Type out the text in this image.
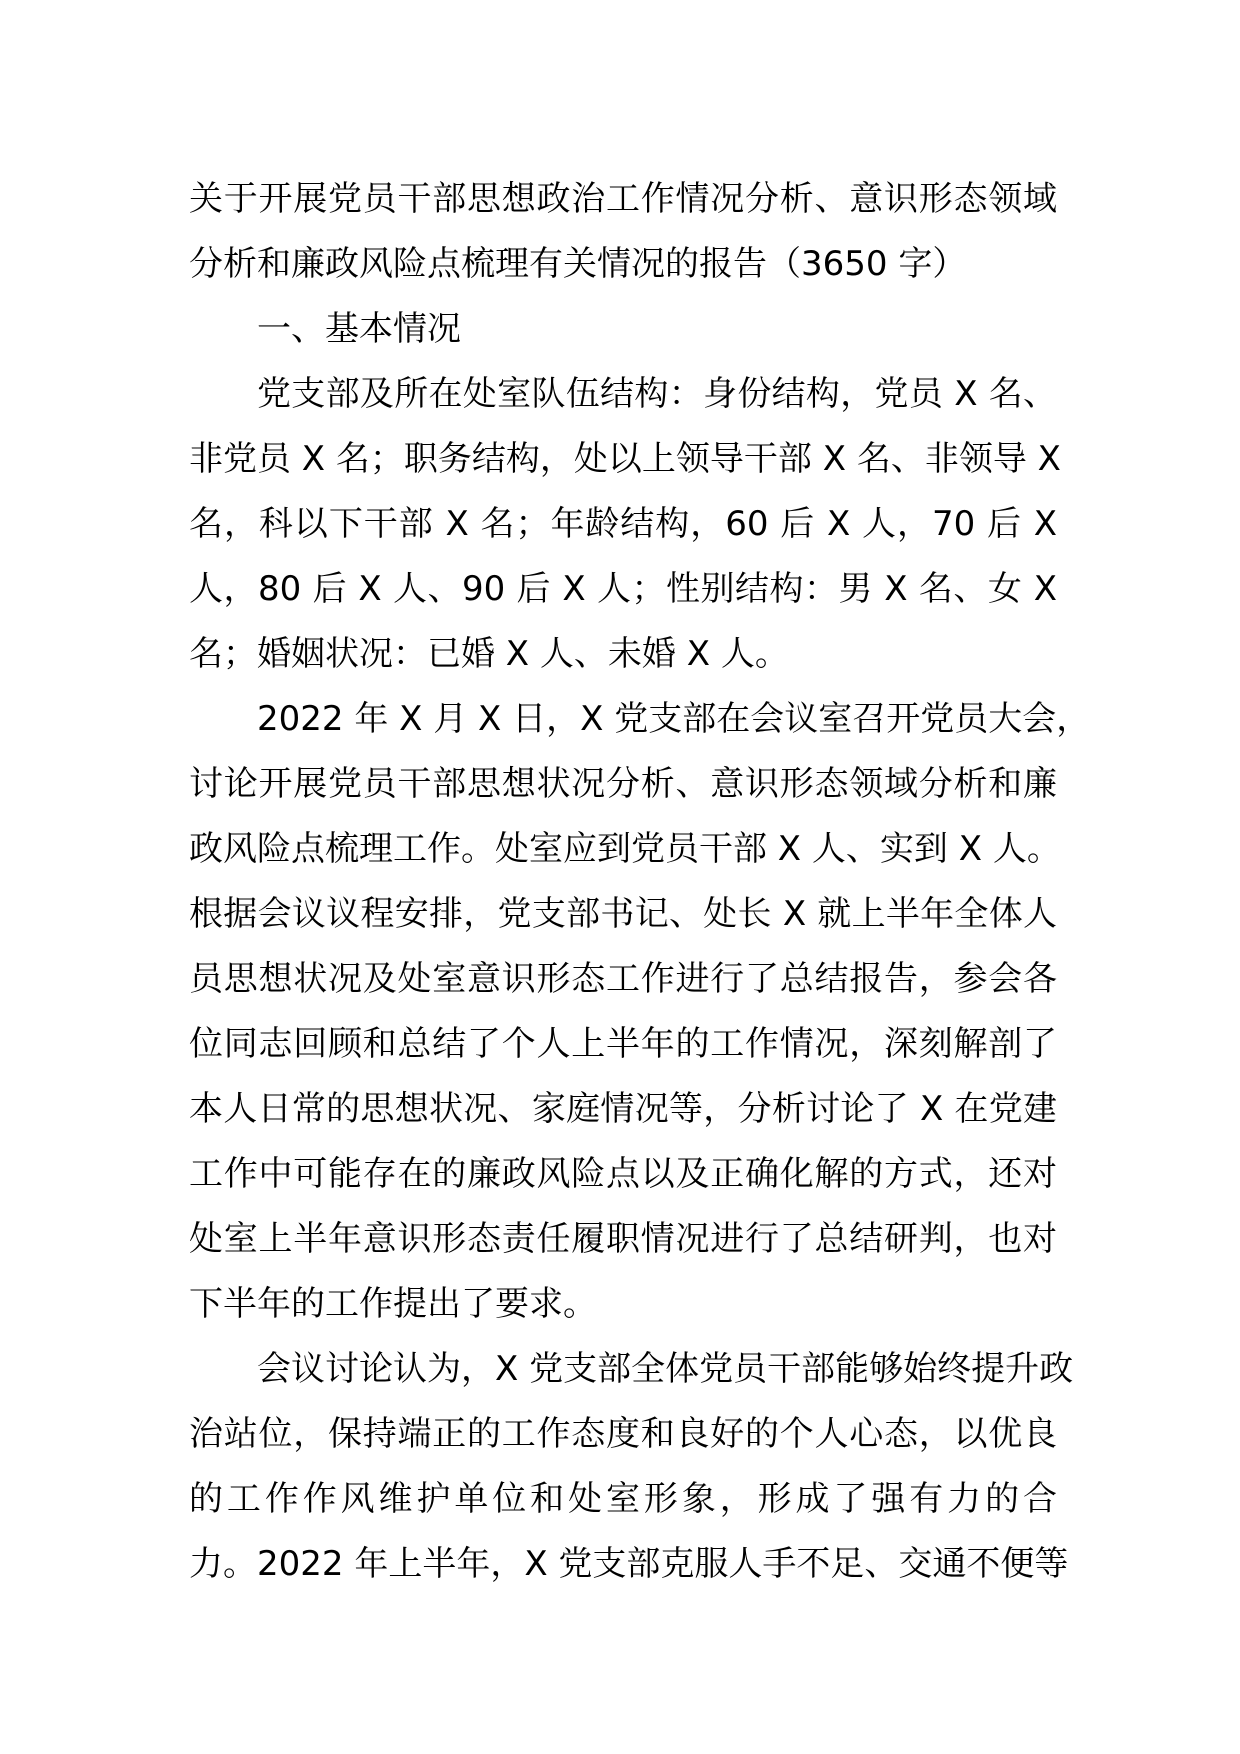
关于开展党员干部思想政治工作情况分析、意识形态领域
分析和廉政风险点梳理有关情况的报告（3650 字）
一、基本情况
党支部及所在处室队伍结构：身份结构，党员 X 名、
非党员 X 名；职务结构，处以上领导干部 X 名、非领导 X
名，科以下干部 X 名；年龄结构，60 后 X 人，70 后 X
人，80 后 X 人、90 后 X 人；性别结构：男 X 名、女 X
名；婚姻状况：已婚 X 人、未婚 X 人。
2022 年 X 月 X 日，X 党支部在会议室召开党员大会，
讨论开展党员干部思想状况分析、意识形态领域分析和廉
政风险点梳理工作。处室应到党员干部 X 人、实到 X 人。
根据会议议程安排，党支部书记、处长 X 就上半年全体人
员思想状况及处室意识形态工作进行了总结报告，参会各
位同志回顾和总结了个人上半年的工作情况，深刻解剖了
本人日常的思想状况、家庭情况等，分析讨论了 X 在党建
工作中可能存在的廉政风险点以及正确化解的方式，还对
处室上半年意识形态责任履职情况进行了总结研判，也对
下半年的工作提出了要求。
会议讨论认为，X 党支部全体党员干部能够始终提升政
治站位，保持端正的工作态度和良好的个人心态，以优良
的工作作风维护单位和处室形象，形成了强有力的合
力。2022 年上半年，X 党支部克服人手不足、交通不便等
